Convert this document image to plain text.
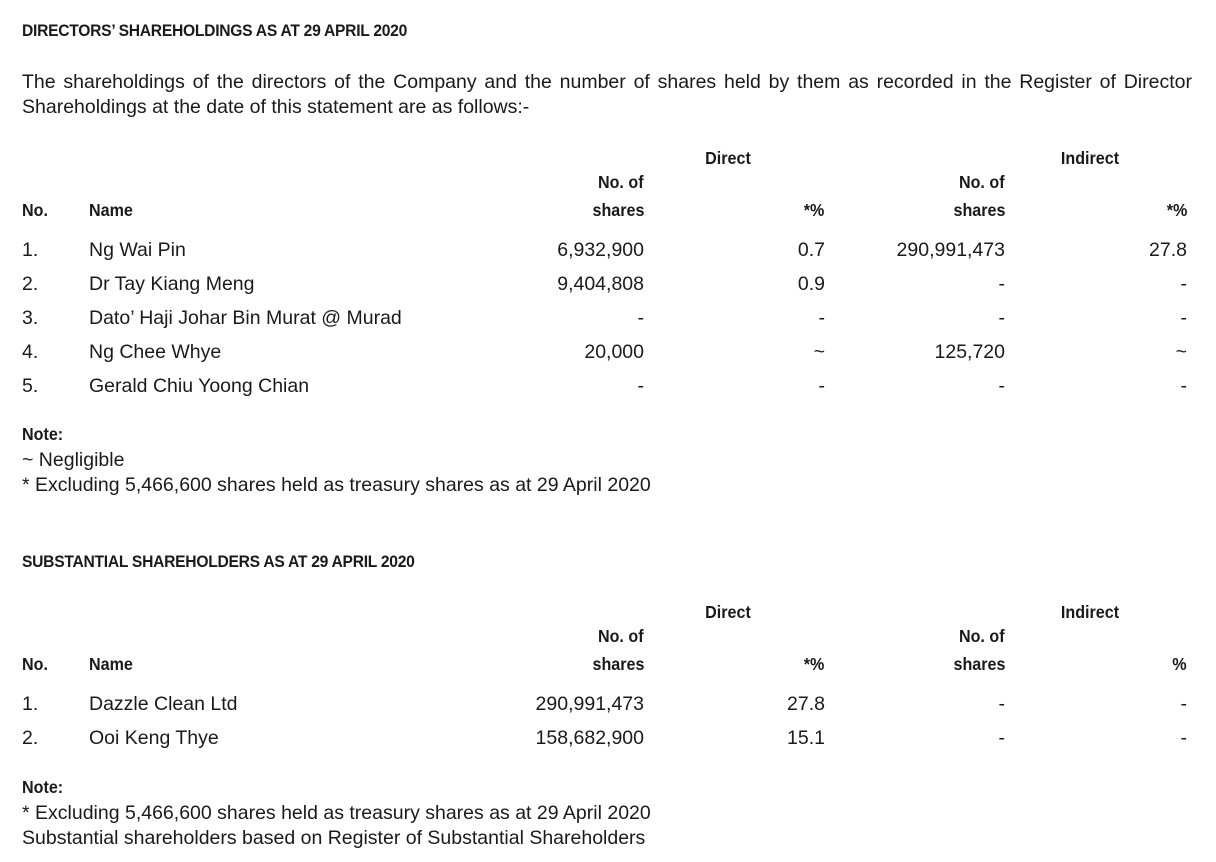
DIRECTORS’ SHAREHOLDINGS AS AT 29 APRIL 2020
The shareholdings of the directors of the Company and the number of shares held by them as recorded in the Register of Director Shareholdings at the date of this statement are as follows:-
Direct	Indirect
No. of	No. of
No. Name	shares	*%	shares	*%
1.	Ng Wai Pin	6,932,900	0.7	290,991,473	27.8
2.	Dr Tay Kiang Meng	9,404,808	0.9	-	-
3.	Dato’ Haji Johar Bin Murat @ Murad	-	-	-	-
4.	Ng Chee Whye	20,000	~	125,720	~
5.	Gerald Chiu Yoong Chian	-	-	-	-
Note:
~ Negligible
* Excluding 5,466,600 shares held as treasury shares as at 29 April 2020
SUBSTANTIAL SHAREHOLDERS AS AT 29 APRIL 2020
Direct	Indirect
No. of	No. of
No. Name	shares	*%	shares	%
1.	Dazzle Clean Ltd	290,991,473	27.8	-	-
2.	Ooi Keng Thye	158,682,900	15.1	-	-
Note:
* Excluding 5,466,600 shares held as treasury shares as at 29 April 2020
Substantial shareholders based on Register of Substantial Shareholders
